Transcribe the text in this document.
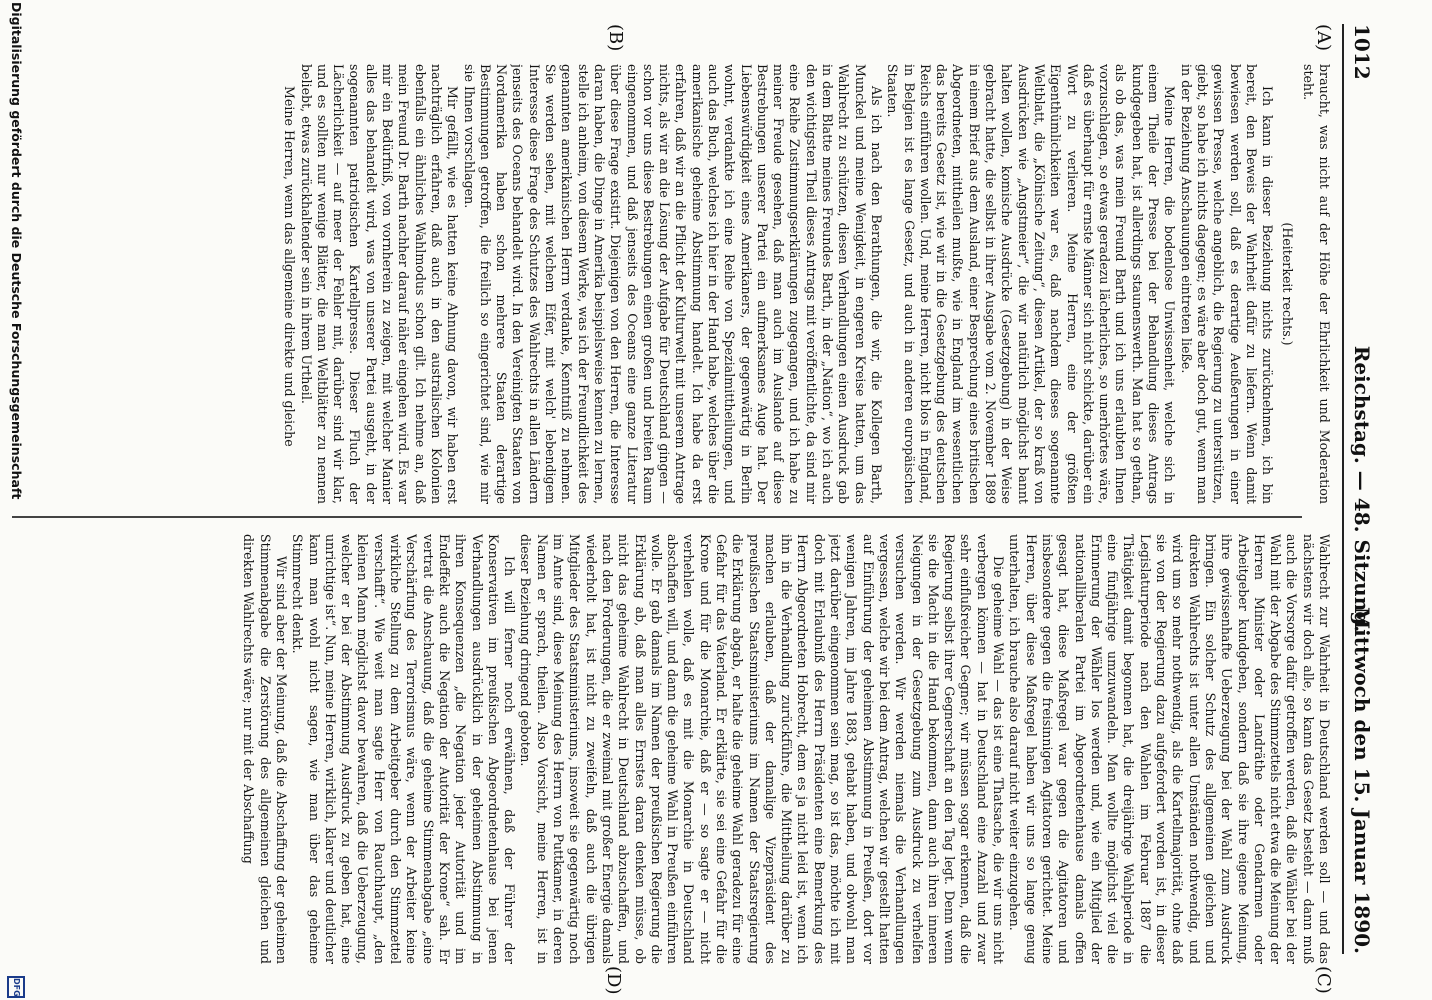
1012
Reichstag. — 48. Sitzung.
Mittwoch den 15. Januar 1890.
(A)
(B)
(C)
(D)

braucht, was nicht auf der Höhe der Ehrlichkeit und Moderation steht.

(Heiterkeit rechts.)

Ich kann in dieser Beziehung nichts zurücknehmen, ich bin bereit, den Beweis der Wahrheit dafür zu liefern. Wenn damit bewiesen werden soll, daß es derartige Aeußerungen in einer gewissen Presse, welche angeblich, die Regierung zu unterstützen, giebt, so habe ich nichts dagegen; es wäre aber doch gut, wenn man in der Beziehung Anschauungen eintreten ließe.

Meine Herren, die bodenlose Unwissenheit, welche sich in einem Theile der Presse bei der Behandlung dieses Antrags kundgegeben hat, ist allerdings staunenswerth. Man hat so gethan, als ob das, was mein Freund Barth und ich uns erlaubten Ihnen vorzuschlagen, so etwas geradezu lächerliches, so unerhörtes wäre, daß es überhaupt für ernste Männer sich nicht schickte, darüber ein Wort zu verlieren. Meine Herren, eine der größten Eigenthümlichkeiten war es, daß nachdem dieses sogenannte Weltblatt, die „Kölnische Zeitung“, diesen Artikel, der so kraß von Ausdrücken wie „Angstmeier“, die wir natürlich möglichst bannt halten wollen, komische Ausdrücke (Gesetzgebung) in der Weise gebracht hatte, die selbst in ihrer Ausgabe vom 2. November 1889 in einem Brief aus dem Ausland, einer Besprechung eines britischen Abgeordneten, mittheilen mußte, wie in England im wesentlichen das bereits Gesetz ist, wie wir in die Gesetzgebung des deutschen Reichs einführen wollen. Und, meine Herren, nicht blos in England, in Belgien ist es lange Gesetz, und auch in anderen europäischen Staaten.

Als ich nach den Berathungen, die wir, die Kollegen Barth, Munckel und meine Wenigkeit, in engeren Kreise hatten, um das Wahlrecht zu schützen, diesen Verhandlungen einen Ausdruck gab in dem Blatte meines Freundes Barth, in der „Nation“, wo ich auch den wichtigsten Theil dieses Antrags mit veröffentlichte, da sind mir eine Reihe Zustimmungserklärungen zugegangen, und ich habe zu meiner Freude gesehen, daß man auch im Auslande auf diese Bestrebungen unserer Partei ein aufmerksames Auge hat. Der Liebenswürdigkeit eines Amerikaners, der gegenwärtig in Berlin wohnt, verdankte ich eine Reihe von Spezialmittheilungen, und auch das Buch, welches ich hier in der Hand habe, welches über die amerikanische geheime Abstimmung handelt. Ich habe da erst erfahren, daß wir an die Pflicht der Kulturwelt mit unserem Antrage nichts, als wir an die Lösung der Aufgabe für Deutschland gingen — schon vor uns diese Bestrebungen einen großen und breiten Raum eingenommen, und daß jenseits des Oceans eine ganze Literatur über diese Frage existirt. Diejenigen von den Herren, die Interesse daran haben, die Dinge in Amerika beispielsweise kennen zu lernen, stelle ich anheim, von diesem Werke, was ich der Freundlichkeit des genannten amerikanischen Herrn verdanke, Kenntniß zu nehmen. Sie werden sehen, mit welchem Eifer, mit welch' lebendigem Interesse diese Frage des Schutzes des Wahlrechts in allen Ländern jenseits des Oceans behandelt wird. In den Vereinigten Staaten von Nordamerika haben schon mehrere Staaten derartige Bestimmungen getroffen, die freilich so eingerichtet sind, wie mir sie Ihnen vorschlagen.

Mir gefällt, wie es hatten keine Ahnung davon, wir haben erst nachträglich erfahren, daß auch in den australischen Kolonien ebenfalls ein ähnliches Wahlmodus schon gilt. Ich nehme an, daß mein Freund Dr. Barth nachher darauf näher eingehen wird. Es war mir ein Bedürfniß, von vornherein zu zeigen, mit welcher Manier alles das behandelt wird, was von unserer Partei ausgeht, in der sogenannten patriotischen Kartellpresse. Dieser Fluch der Lächerlichkeit — auf meer der Fehler mit, darüber sind wir klar, und es sollten nur wenige Blätter, die man Weltblätter zu nennen beliebt, etwas zurückhaltender sein in ihrem Urtheil.

Meine Herren, wenn das allgemeine direkte und gleiche

Wahlrecht zur Wahrheit in Deutschland werden soll — und das nächstens wir doch alle, so kann das Gesetz besteht — dann muß auch die Vorsorge dafür getroffen werden, daß die Wähler bei der Wahl mit der Abgabe des Stimmzettels nicht etwa die Meinung der Herren Minister oder Landräthe oder Gendarmen oder Arbeitgeber kundgeben, sondern daß sie ihre eigene Meinung, ihre gewissenhafte Ueberzeugung bei der Wahl zum Ausdruck bringen. Ein solcher Schutz des allgemeinen gleichen und direkten Wahlrechts ist unter allen Umständen nothwendig, und wird um so mehr nothwendig, als die Kartellmajorität, ohne daß sie von der Regierung dazu aufgefordert worden ist, in dieser Legislaturperiode nach den Wahlen im Februar 1887 die Thätigkeit damit begonnen hat, die dreijährige Wahlperiode in eine fünfjährige umzuwandeln. Man wollte möglichst viel die Erinnerung der Wähler los werden und, wie ein Mitglied der nationalliberalen Partei im Abgeordnetenhause damals offen gesagt hat, diese Maßregel war gegen die Agitatoren und insbesondere gegen die freisinnigen Agitatoren gerichtet. Meine Herren, über diese Maßregel haben wir uns so lange genug unterhalten, ich brauche also darauf nicht weiter einzugehen.

Die geheime Wahl — das ist eine Thatsache, die wir uns nicht verbergen können — hat in Deutschland eine Anzahl und zwar sehr einflußreicher Gegner; wir müssen sogar erkennen, daß die Regierung selbst ihrer Gegnerschaft an den Tag legt. Denn wenn sie die Macht in die Hand bekommen, dann auch ihren inneren Neigungen in der Gesetzgebung zum Ausdruck zu verhelfen versuchen werden. Wir werden niemals die Verhandlungen vergessen, welche wir bei dem Antrag, welchen wir gestellt hatten auf Einführung der geheimen Abstimmung in Preußen, dort vor wenigen Jahren, im Jahre 1883, gehabt haben, und obwohl man jetzt darüber eingenommen sein mag, so ist das, möchte ich mit doch mit Erlaubniß des Herrn Präsidenten eine Bemerkung des Herrn Abgeordneten Hobrecht, dem es ja nicht leid ist, wenn ich ihn in die Verhandlung zurückführe, die Mittheilung darüber zu machen erlauben, daß der damalige Vizepräsident des preußischen Staatsministeriums im Namen der Staatsregierung die Erklärung abgab, er halte die geheime Wahl geradezu für eine Gefahr für das Vaterland. Er erklärte, sie sei eine Gefahr für die Krone und für die Monarchie, daß er — so sagte er — nicht verhehlen wolle, daß es mit die Monarchie in Deutschland abschaffen will, und dann die geheime Wahl in Preußen einführen wolle. Er gab damals im Namen der preußischen Regierung die Erklärung ab, daß man alles Ernstes daran denken müsse, ob nicht das geheime Wahlrecht in Deutschland abzuschaffen, und nach den Forderungen, die er zweimal mit großer Energie damals wiederholt hat, ist nicht zu zweifeln, daß auch die übrigen Mitglieder des Staatsministeriums, insoweit sie gegenwärtig noch im Amte sind, diese Meinung des Herrn von Puttkamer, in deren Namen er sprach, theilen. Also Vorsicht, meine Herren, ist in dieser Beziehung dringend geboten.

Ich will ferner noch erwähnen, daß der Führer der Konservativen im preußischen Abgeordnetenhause bei jenen Verhandlungen ausdrücklich in der geheimen Abstimmung in ihren Konsequenzen „die Negation jeder Autorität und im Endeffekt auch die Negation der Autorität der Krone“ sah. Er vertrat die Anschauung, daß die geheime Stimmenabgabe „eine Verschärfung des Terrorismus wäre, wenn der Arbeiter keine wirkliche Stellung zu dem Arbeitgeber durch den Stimmzettel verschafft“. Wie weit man sagte Herr von Rauchhaupt, „den kleinen Mann möglichst davor bewahren, daß die Ueberzeugung, welcher er bei der Abstimmung Ausdruck zu geben hat, eine unrichtige ist“. Nun, meine Herren, wirklich, klarer und deutlicher kann man wohl nicht sagen, wie man über das geheime Stimmrecht denkt.

Wir sind aber der Meinung, daß die Abschaffung der geheimen Stimmenabgabe die Zerstörung des allgemeinen gleichen und direkten Wahlrechts wäre; nur mit der Abschaffung

Digitalisierung gefördert durch die Deutsche Forschungsgemeinschaft
DFG
